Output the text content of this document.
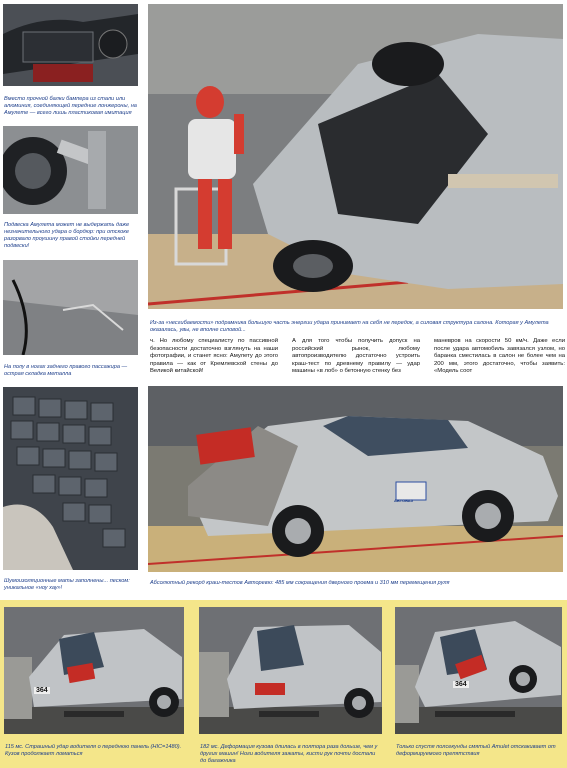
Вместо прочной балки бампера из стали или алюминия, соединяющей передние лонжероны, на Амулете — всего лишь пластиковая имитация
Подвеска Амулета может не выдержать даже незначительного удара о бордюр: при отскоке разорвало проушину правой стойки передней подвески!
На полу в ногах заднего правого пассажира — острая складка металла
Шумоизоляционные маты заполнены... песком: уникальное «ноу хау»!
Из-за «несгибаемости» подрамника большую часть энергии удара принимает на себя не передок, а силовая структура салона. Которая у Амулета оказалась, увы, не вполне силовой...
ч. Но любому специалисту по пассивной безопасности достаточно взглянуть на наши фотографии, и станет ясно: Амулету до этого правила — как от Кремлевской стены до Великой китайской!
А для того чтобы получить допуск на российский рынок, любому автопроизводителю достаточно устроить краш-тест по древнему правилу — удар машины «в лоб» о бетонную стенку без
маневров на скорости 50 км/ч. Даже если после удара автомобиль завязался узлом, но баранка сместилась в салон не более чем на 200 мм, этого достаточно, чтобы заявить: «Модель соот
АВТОВАЗ
Абсолютный рекорд краш-тестов Авторевю: 485 мм сокращения дверного проема и 310 мм перемещения руля
364
364
115 мс. Страшный удар водителя о переднюю панель (HIC=1480). Кузов продолжает ломаться
182 мс. Деформация кузова длилась в полтора раза дольше, чем у других машин! Ноги водителя зажаты, кисти рук почти достали до багажника
Только спустя полсекунды смятый Amulet отскакивает от деформируемого препятствия
